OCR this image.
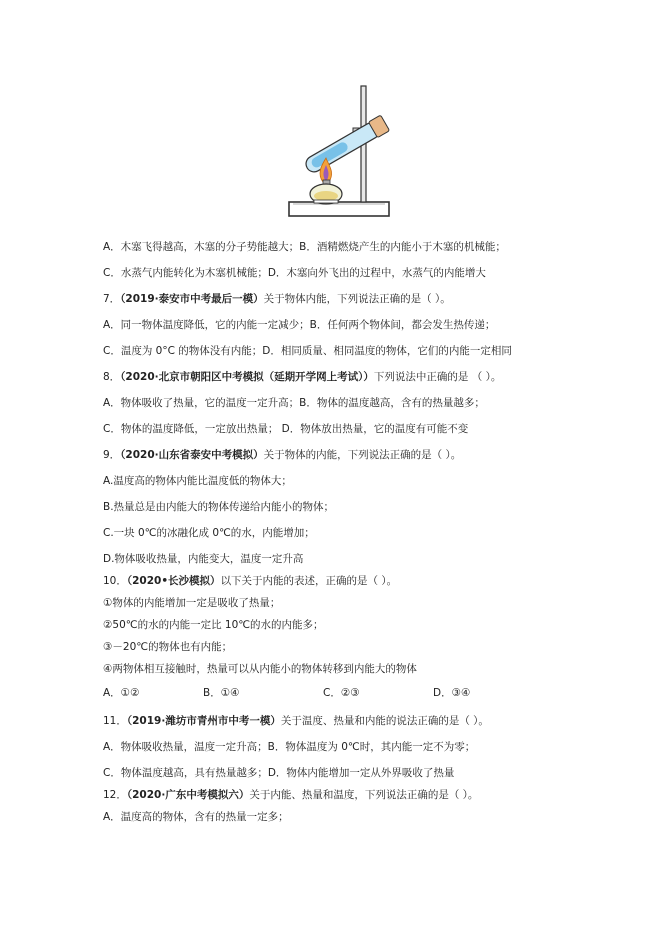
A．木塞飞得越高，木塞的分子势能越大；B．酒精燃烧产生的内能小于木塞的机械能；
C．水蒸气内能转化为木塞机械能；D．木塞向外飞出的过程中，水蒸气的内能增大
7．（2019·泰安市中考最后一模）关于物体内能，下列说法正确的是（ ）。
A．同一物体温度降低，它的内能一定减少；B．任何两个物体间，都会发生热传递；
C．温度为 0°C 的物体没有内能；D．相同质量、相同温度的物体，它们的内能一定相同
8．（2020·北京市朝阳区中考模拟（延期开学网上考试））下列说法中正确的是 （ ）。
A．物体吸收了热量，它的温度一定升高；B．物体的温度越高，含有的热量越多；
C．物体的温度降低，一定放出热量； D．物体放出热量，它的温度有可能不变
9．（2020·山东省泰安中考模拟）关于物体的内能，下列说法正确的是（ ）。
A.温度高的物体内能比温度低的物体大；
B.热量总是由内能大的物体传递给内能小的物体；
C.一块 0℃的冰融化成 0℃的水，内能增加；
D.物体吸收热量，内能变大，温度一定升高
10．（2020•长沙模拟）以下关于内能的表述，正确的是（ ）。
①物体的内能增加一定是吸收了热量；
②50℃的水的内能一定比 10℃的水的内能多；
③－20℃的物体也有内能；
④两物体相互接触时，热量可以从内能小的物体转移到内能大的物体
A．①②	B．①④	C．②③	D．③④
11．（2019·潍坊市青州市中考一模）关于温度、热量和内能的说法正确的是（ ）。
A．物体吸收热量，温度一定升高；B．物体温度为 0℃时，其内能一定不为零；
C．物体温度越高，具有热量越多；D．物体内能增加一定从外界吸收了热量
12．（2020·广东中考模拟六）关于内能、热量和温度，下列说法正确的是（ ）。
A．温度高的物体，含有的热量一定多；
